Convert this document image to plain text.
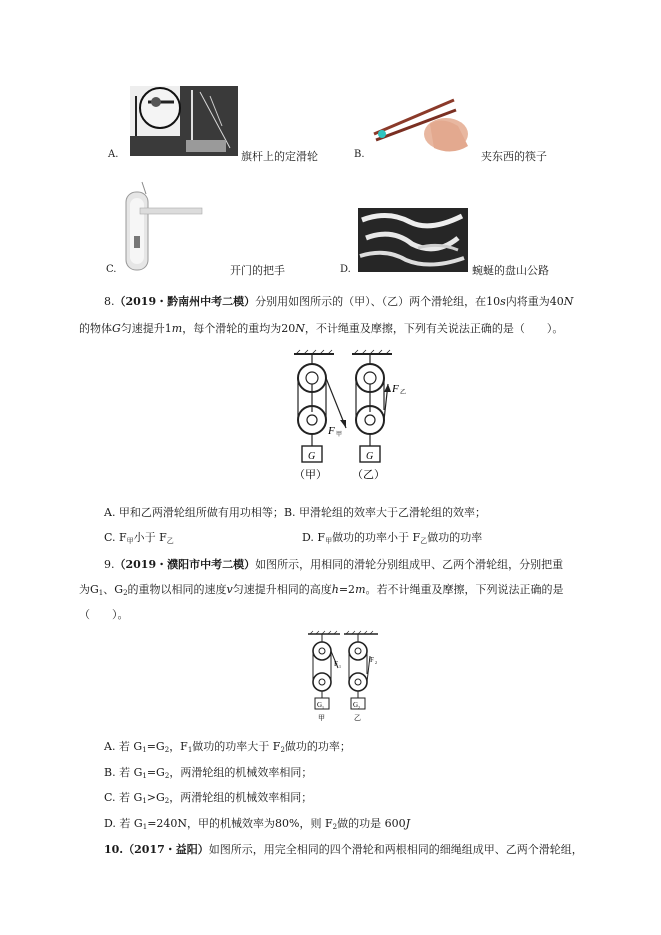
A.	旗杆上的定滑轮	B.	夹东西的筷子
C.	开门的把手	D.	蜿蜒的盘山公路
8.（2019・黔南州中考二模）分别用如图所示的（甲）、（乙）两个滑轮组，在10s内将重为40N
的物体G匀速提升1m，每个滑轮的重均为20N，不计绳重及摩擦，下列有关说法正确的是（　　）。
G	G
（甲） （乙）
F 甲
F 乙
A. 甲和乙两滑轮组所做有用功相等；B. 甲滑轮组的效率大于乙滑轮组的效率；
C. $F_甲$小于 $F_乙$	D. $F_甲$做功的功率小于 $F_乙$做功的功率
9.（2019・濮阳市中考二模）如图所示，用相同的滑轮分别组成甲、乙两个滑轮组，分别把重
为$G_1$、$G_2$的重物以相同的速度v匀速提升相同的高度h=2m。若不计绳重及摩擦，下列说法正确的是
（　　）。
F 1
F 2
G 1	G 2
甲	乙
A. 若 $G_1=G_2$，$F_1$做功的功率大于 $F_2$做功的功率；
B. 若 $G_1=G_2$，两滑轮组的机械效率相同；
C. 若 $G_1>G_2$，两滑轮组的机械效率相同；
D. 若 $G_1=240N$，甲的机械效率为80%，则 $F_2$做的功是 600J
10.（2017・益阳）如图所示，用完全相同的四个滑轮和两根相同的细绳组成甲、乙两个滑轮组，
